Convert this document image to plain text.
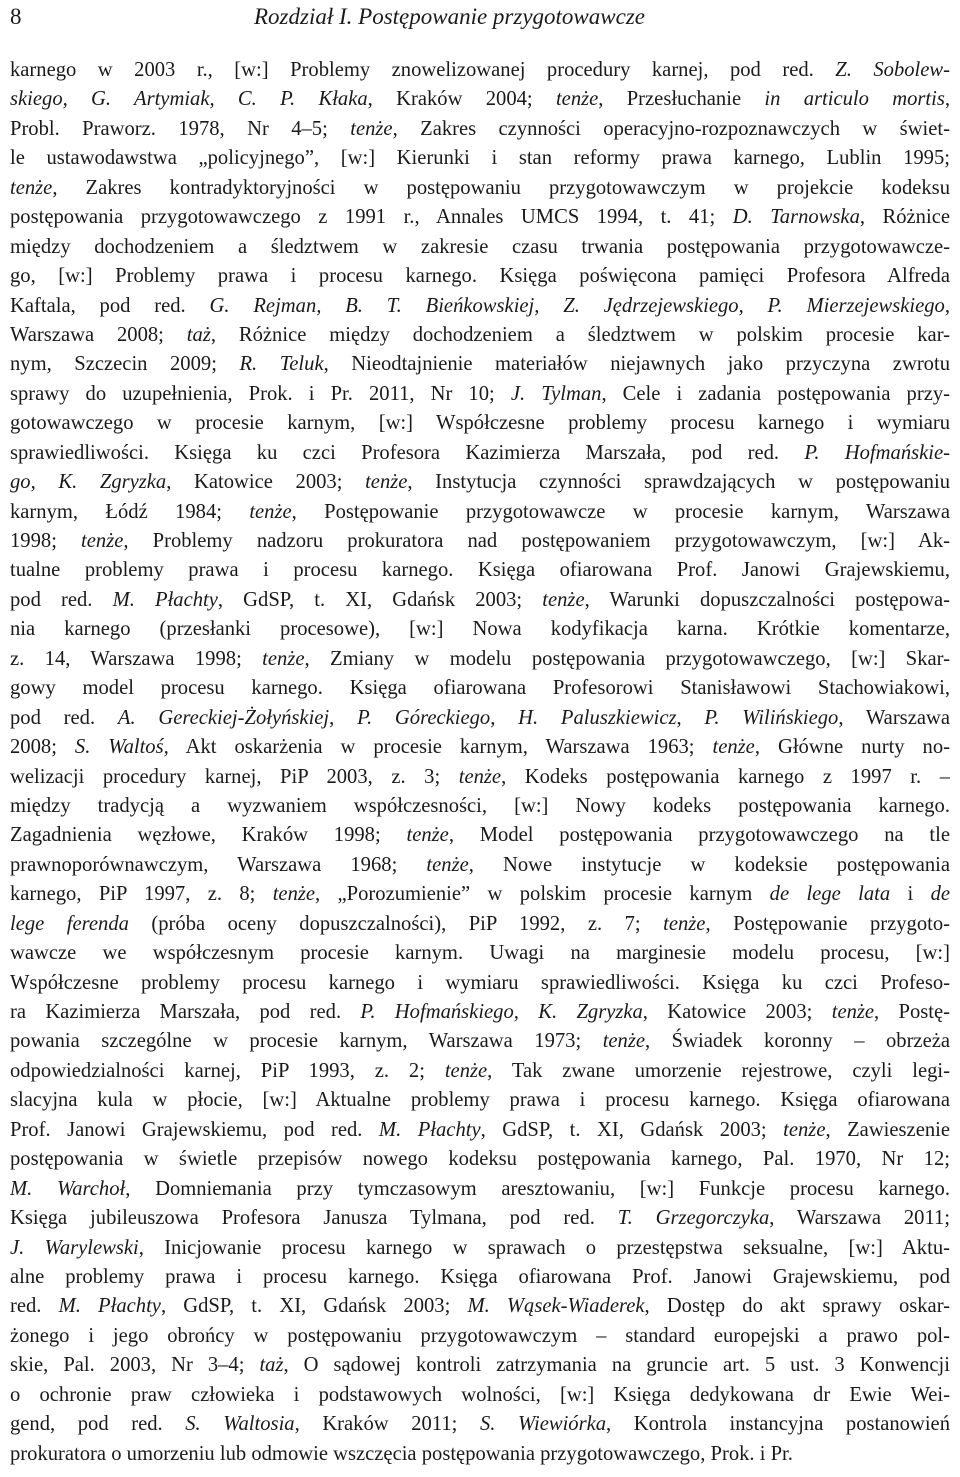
8	Rozdział I. Postępowanie przygotowawcze
karnego w 2003 r., [w:] Problemy znowelizowanej procedury karnej, pod red. Z. Sobolew-
skiego, G. Artymiak, C. P. Kłaka, Kraków 2004; tenże, Przesłuchanie in articulo mortis,
Probl. Praworz. 1978, Nr 4–5; tenże, Zakres czynności operacyjno-rozpoznawczych w świet-
le ustawodawstwa „policyjnego”, [w:] Kierunki i stan reformy prawa karnego, Lublin 1995;
tenże, Zakres kontradyktoryjności w postępowaniu przygotowawczym w projekcie kodeksu
postępowania przygotowawczego z 1991 r., Annales UMCS 1994, t. 41; D. Tarnowska, Różnice
między dochodzeniem a śledztwem w zakresie czasu trwania postępowania przygotowawcze-
go, [w:] Problemy prawa i procesu karnego. Księga poświęcona pamięci Profesora Alfreda
Kaftala, pod red. G. Rejman, B. T. Bieńkowskiej, Z. Jędrzejewskiego, P. Mierzejewskiego,
Warszawa 2008; taż, Różnice między dochodzeniem a śledztwem w polskim procesie kar-
nym, Szczecin 2009; R. Teluk, Nieodtajnienie materiałów niejawnych jako przyczyna zwrotu
sprawy do uzupełnienia, Prok. i Pr. 2011, Nr 10; J. Tylman, Cele i zadania postępowania przy-
gotowawczego w procesie karnym, [w:] Współczesne problemy procesu karnego i wymiaru
sprawiedliwości. Księga ku czci Profesora Kazimierza Marszała, pod red. P. Hofmańskie-
go, K. Zgryzka, Katowice 2003; tenże, Instytucja czynności sprawdzających w postępowaniu
karnym, Łódź 1984; tenże, Postępowanie przygotowawcze w procesie karnym, Warszawa
1998; tenże, Problemy nadzoru prokuratora nad postępowaniem przygotowawczym, [w:] Ak-
tualne problemy prawa i procesu karnego. Księga ofiarowana Prof. Janowi Grajewskiemu,
pod red. M. Płachty, GdSP, t. XI, Gdańsk 2003; tenże, Warunki dopuszczalności postępowa-
nia karnego (przesłanki procesowe), [w:] Nowa kodyfikacja karna. Krótkie komentarze,
z. 14, Warszawa 1998; tenże, Zmiany w modelu postępowania przygotowawczego, [w:] Skar-
gowy model procesu karnego. Księga ofiarowana Profesorowi Stanisławowi Stachowiakowi,
pod red. A. Gereckiej-Żołyńskiej, P. Góreckiego, H. Paluszkiewicz, P. Wilińskiego, Warszawa
2008; S. Waltoś, Akt oskarżenia w procesie karnym, Warszawa 1963; tenże, Główne nurty no-
welizacji procedury karnej, PiP 2003, z. 3; tenże, Kodeks postępowania karnego z 1997 r. –
między tradycją a wyzwaniem współczesności, [w:] Nowy kodeks postępowania karnego.
Zagadnienia węzłowe, Kraków 1998; tenże, Model postępowania przygotowawczego na tle
prawnoporównawczym, Warszawa 1968; tenże, Nowe instytucje w kodeksie postępowania
karnego, PiP 1997, z. 8; tenże, „Porozumienie” w polskim procesie karnym de lege lata i de
lege ferenda (próba oceny dopuszczalności), PiP 1992, z. 7; tenże, Postępowanie przygoto-
wawcze we współczesnym procesie karnym. Uwagi na marginesie modelu procesu, [w:]
Współczesne problemy procesu karnego i wymiaru sprawiedliwości. Księga ku czci Profeso-
ra Kazimierza Marszała, pod red. P. Hofmańskiego, K. Zgryzka, Katowice 2003; tenże, Postę-
powania szczególne w procesie karnym, Warszawa 1973; tenże, Świadek koronny – obrzeża
odpowiedzialności karnej, PiP 1993, z. 2; tenże, Tak zwane umorzenie rejestrowe, czyli legi-
slacyjna kula w płocie, [w:] Aktualne problemy prawa i procesu karnego. Księga ofiarowana
Prof. Janowi Grajewskiemu, pod red. M. Płachty, GdSP, t. XI, Gdańsk 2003; tenże, Zawieszenie
postępowania w świetle przepisów nowego kodeksu postępowania karnego, Pal. 1970, Nr 12;
M. Warchoł, Domniemania przy tymczasowym aresztowaniu, [w:] Funkcje procesu karnego.
Księga jubileuszowa Profesora Janusza Tylmana, pod red. T. Grzegorczyka, Warszawa 2011;
J. Warylewski, Inicjowanie procesu karnego w sprawach o przestępstwa seksualne, [w:] Aktu-
alne problemy prawa i procesu karnego. Księga ofiarowana Prof. Janowi Grajewskiemu, pod
red. M. Płachty, GdSP, t. XI, Gdańsk 2003; M. Wąsek-Wiaderek, Dostęp do akt sprawy oskar-
żonego i jego obrońcy w postępowaniu przygotowawczym – standard europejski a prawo pol-
skie, Pal. 2003, Nr 3–4; taż, O sądowej kontroli zatrzymania na gruncie art. 5 ust. 3 Konwencji
o ochronie praw człowieka i podstawowych wolności, [w:] Księga dedykowana dr Ewie Wei-
gend, pod red. S. Waltosia, Kraków 2011; S. Wiewiórka, Kontrola instancyjna postanowień
prokuratora o umorzeniu lub odmowie wszczęcia postępowania przygotowawczego, Prok. i Pr.
